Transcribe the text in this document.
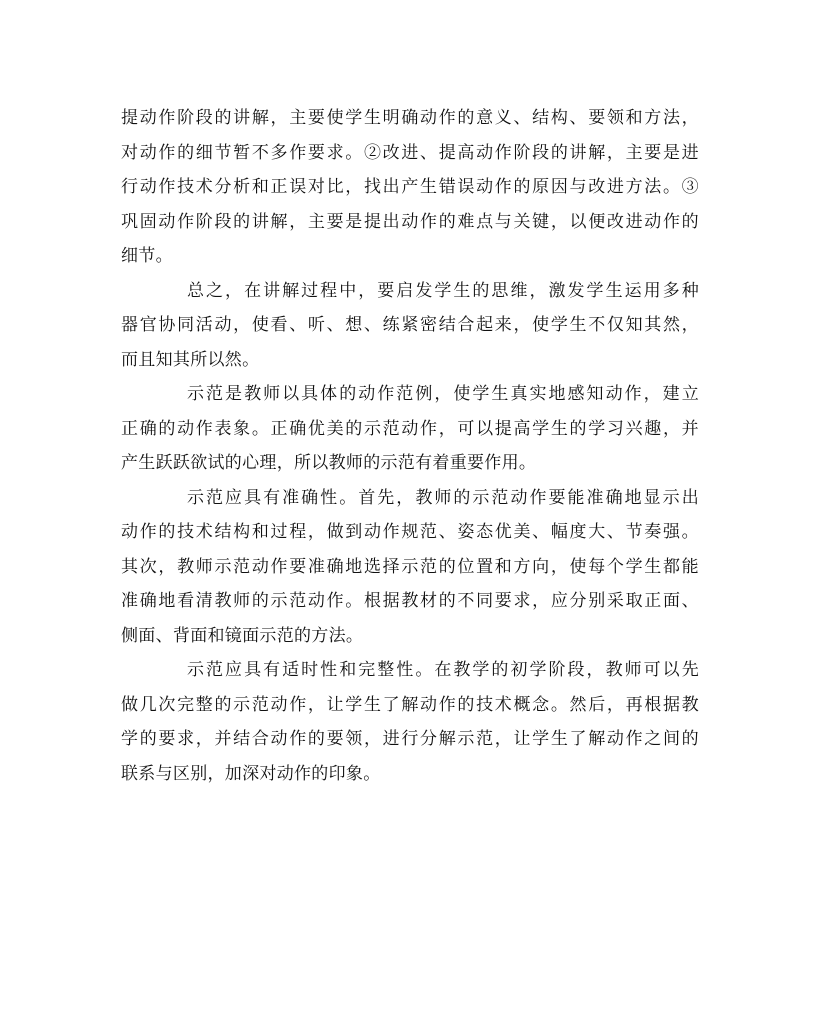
提动作阶段的讲解，主要使学生明确动作的意义、结构、要领和方法，
对动作的细节暂不多作要求。②改进、提高动作阶段的讲解，主要是进
行动作技术分析和正误对比，找出产生错误动作的原因与改进方法。③
巩固动作阶段的讲解，主要是提出动作的难点与关键，以便改进动作的
细节。
总之，在讲解过程中，要启发学生的思维，激发学生运用多种
器官协同活动，使看、听、想、练紧密结合起来，使学生不仅知其然，
而且知其所以然。
示范是教师以具体的动作范例，使学生真实地感知动作，建立
正确的动作表象。正确优美的示范动作，可以提高学生的学习兴趣，并
产生跃跃欲试的心理，所以教师的示范有着重要作用。
示范应具有准确性。首先，教师的示范动作要能准确地显示出
动作的技术结构和过程，做到动作规范、姿态优美、幅度大、节奏强。
其次，教师示范动作要准确地选择示范的位置和方向，使每个学生都能
准确地看清教师的示范动作。根据教材的不同要求，应分别采取正面、
侧面、背面和镜面示范的方法。
示范应具有适时性和完整性。在教学的初学阶段，教师可以先
做几次完整的示范动作，让学生了解动作的技术概念。然后，再根据教
学的要求，并结合动作的要领，进行分解示范，让学生了解动作之间的
联系与区别，加深对动作的印象。
